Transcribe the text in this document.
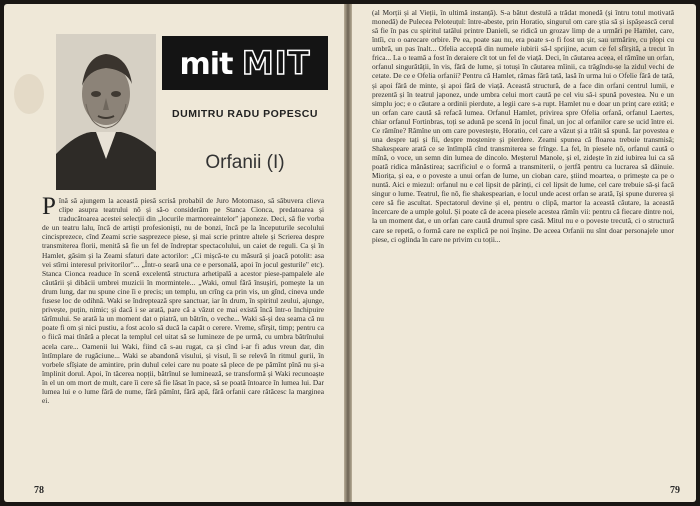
mit MIT
DUMITRU RADU POPESCU
Orfanii (I)
Pînă să ajungem la această piesă scrisă probabil de Juro Motomaso, să săbuvera clieva clipe asupra teatrului nō și să-o considerăm pe Stanca Cioncа, predatoarea și traducătoarea acestei selecții din „locurile marmoreaintelor" japoneze. Deci, să fie vorba de un teatru lalu, încă de artiști profesioniști, nu de bonzi, încă pe la începuturile secolului cincisprezece, cînd Zeami scrie sașprezece piese, și mai scrie printre altele și Scrierea despre transmiterea florii, menită să fie un fel de îndreptar spectacolului, un caiet de reguli. Ca și în Hamlet, găsim și la Zeami sfaturi date actorilor: „Ci mișcă-te cu măsură și joacă potolit: asa vei stîrni interesul privitorilor"... „Într-o seară una ce e personală, apoi în jocul gesturile" etc). Stanca Cioncа readuce în scenă excelentă structura arhetipală a acestor piese-pampalele ale căutării și dibăcii umbrei muzicii în mormintele... „Waki, omul fără însușiri, pomește la un drum lung, dar nu spune cine îi e precis; un templu, un crîng ca prin vis, un gînd, cineva unde fusese loc de odihnă. Waki se îndreptează spre sanctuar, iar în drum, în spiritul zeului, ajunge, privește, puțin, nimic; și dacă i se arată, pare că a văzut ce mai există încă într-o închipuire tărîmului. Se arată la un moment dat o piatră, un bătrîn, o veche... Waki să-și dea seama că nu poate fi om și nici pustiu, a fost acolo să ducă la capăt o cerere. Vreme, sfîrșit, timp; pentru ca o fiică mai tînără a plecat la templul cel uitat să se lumineze de pe urmă, cu umbra bătrînului acela care... Oamenii lui Waki, fiind că s-au rugat, ca și cînd i-ar fi adus vreun dar, din întîmplare de rugăciune... Waki se abandonă visului, și visul, îi se relevă în ritmul gurii, în vorbele sfîșiate de amintire, prin duhul celei care nu poate să plece de pe pămînt pînă nu și-a împlinit dorul. Apoi, în tăcerea nopții, bătrînul se luminează, se transformă și Waki recunoaște în el un om mort de mult, care îi cere să fie lăsat în pace, să se poată întoarce în lumea lui. Dar lumea lui e o lume fără de nume, fără pămînt, fără apă, fără orfanii care rătăcesc la marginea ei.
78
(al Morții și al Vieții, în ultimă instanță). S-a bătut destulă a trădat monedă (și întru totul motivată monedă) de Pulecea Peloteuțul: între-abeste, prin Horatio, singurul om care știa să și ispășească cerul să fie în pas cu spiritul tatălui printre Danieli, se ridică un grozav limp de a urmări pe Hamlet, care, întîi, cu o oarecare orbire. Pe ea, poate sau nu, era poate s-o fi fost un șir, sau urmărire, cu plopi cu umbră, un pas înalt... Ofelia acceptă din numele iubirii să-l sprijine, acum ce fel sfîrșită, a trecut în frica... La o teamă a fost în deraiere cît tot un fel de viață. Deci, în căutarea aceea, el rămîne un orfan, orfanul singurătății, în vis, fără de lume, și totuși în căutarea mîinii, ca trăgîndu-se la zidul vechi de cetate. De ce e Ofelia orfanii? Pentru că Hamlet, rămas fără tată, lasă în urma lui o Ofelie fără de tată, și apoi fără de minte, și apoi fără de viață. Această structură, de a face din orfani centrul lumii, e prezentă și în teatrul japonez, unde umbra celui mort caută pe cel viu să-i spună povestea. Nu e un simplu joc; e o căutare a ordinii pierdute, a legii care s-a rupt. Hamlet nu e doar un prinț care ezită; e un orfan care caută să refacă lumea. Orfanul Hamlet, privirea spre Ofelia orfană, orfanul Laertes, chiar orfanul Fortinbras, toți se adună pe scenă în jocul final, un joc al orfanilor care se ucid între ei. Ce rămîne? Rămîne un om care povestește, Horatio, cel care a văzut și a trăit să spună. Iar povestea e una despre tați și fii, despre moștenire și pierdere. Zeami spunea că floarea trebuie transmisă; Shakespeare arată ce se întîmplă cînd transmiterea se frînge. La fel, în piesele nō, orfanul caută o mînă, o voce, un semn din lumea de dincolo. Meșterul Manole, și el, zidește în zid iubirea lui ca să poată ridica mănăstirea; sacrificiul e o formă a transmiterii, o jertfă pentru ca lucrarea să dăinuie. Miorița, și ea, e o poveste a unui orfan de lume, un cioban care, știind moartea, o primește ca pe o nuntă. Aici e miezul: orfanul nu e cel lipsit de părinți, ci cel lipsit de lume, cel care trebuie să-și facă singur o lume. Teatrul, fie nō, fie shakespearian, e locul unde acest orfan se arată, își spune durerea și cere să fie ascultat. Spectatorul devine și el, pentru o clipă, martor la această căutare, la această încercare de a umple golul. Și poate că de aceea piesele acestea rămîn vii: pentru că fiecare dintre noi, la un moment dat, e un orfan care caută drumul spre casă. Mitul nu e o poveste trecută, ci o structură care se repetă, o formă care ne explică pe noi înșine. De aceea Orfanii nu sînt doar personajele unor piese, ci oglinda în care ne privim cu toții...
79
